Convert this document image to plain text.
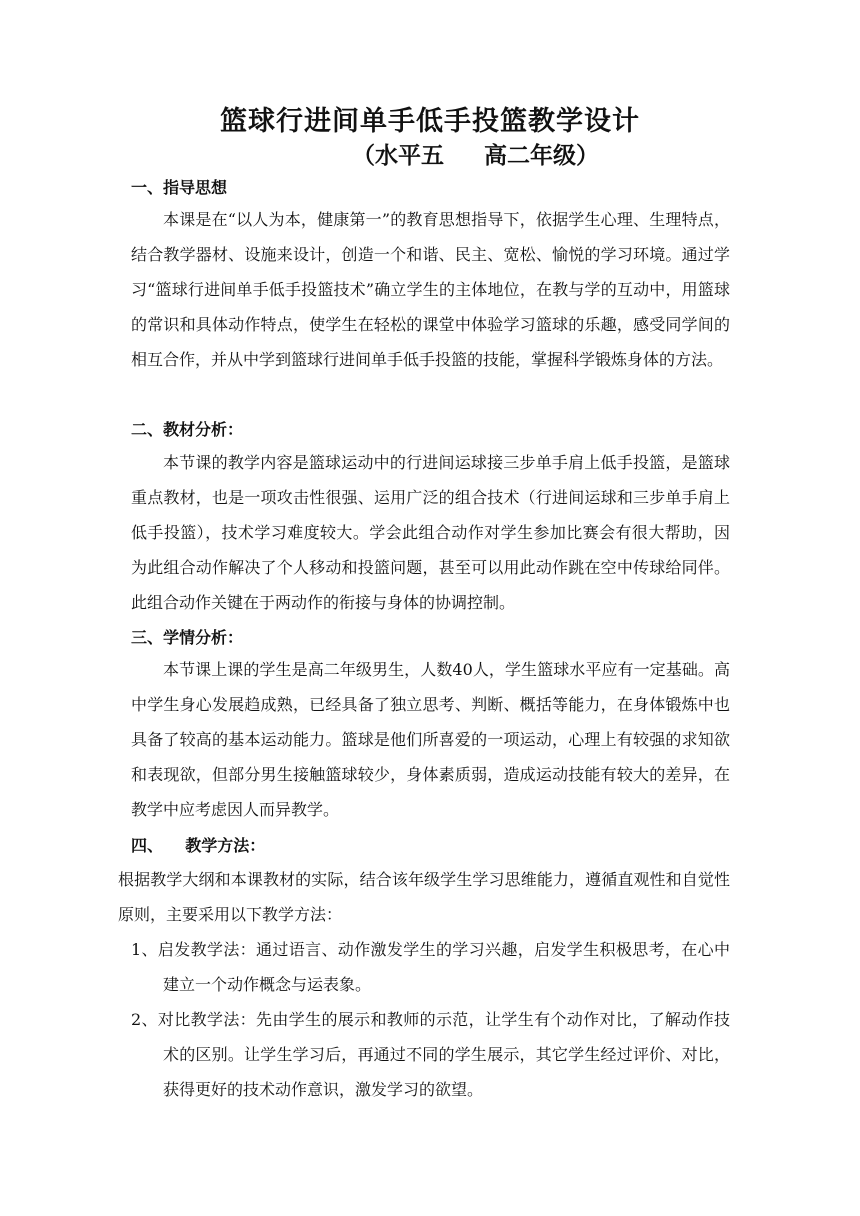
篮球行进间单手低手投篮教学设计
（水平五     高二年级）
一、指导思想
本课是在“以人为本，健康第一”的教育思想指导下，依据学生心理、生理特点，结合教学器材、设施来设计，创造一个和谐、民主、宽松、愉悦的学习环境。通过学习“篮球行进间单手低手投篮技术”确立学生的主体地位，在教与学的互动中，用篮球的常识和具体动作特点，使学生在轻松的课堂中体验学习篮球的乐趣，感受同学间的相互合作，并从中学到篮球行进间单手低手投篮的技能，掌握科学锻炼身体的方法。
二、教材分析：
本节课的教学内容是篮球运动中的行进间运球接三步单手肩上低手投篮，是篮球重点教材，也是一项攻击性很强、运用广泛的组合技术（行进间运球和三步单手肩上低手投篮），技术学习难度较大。学会此组合动作对学生参加比赛会有很大帮助，因为此组合动作解决了个人移动和投篮问题，甚至可以用此动作跳在空中传球给同伴。此组合动作关键在于两动作的衔接与身体的协调控制。
三、学情分析：
本节课上课的学生是高二年级男生，人数40人，学生篮球水平应有一定基础。高中学生身心发展趋成熟，已经具备了独立思考、判断、概括等能力，在身体锻炼中也具备了较高的基本运动能力。篮球是他们所喜爱的一项运动，心理上有较强的求知欲和表现欲，但部分男生接触篮球较少，身体素质弱，造成运动技能有较大的差异，在教学中应考虑因人而异教学。
四、    教学方法：
根据教学大纲和本课教材的实际，结合该年级学生学习思维能力，遵循直观性和自觉性原则，主要采用以下教学方法：
1、启发教学法：通过语言、动作激发学生的学习兴趣，启发学生积极思考，在心中建立一个动作概念与运表象。
2、对比教学法：先由学生的展示和教师的示范，让学生有个动作对比，了解动作技术的区别。让学生学习后，再通过不同的学生展示，其它学生经过评价、对比，获得更好的技术动作意识，激发学习的欲望。
